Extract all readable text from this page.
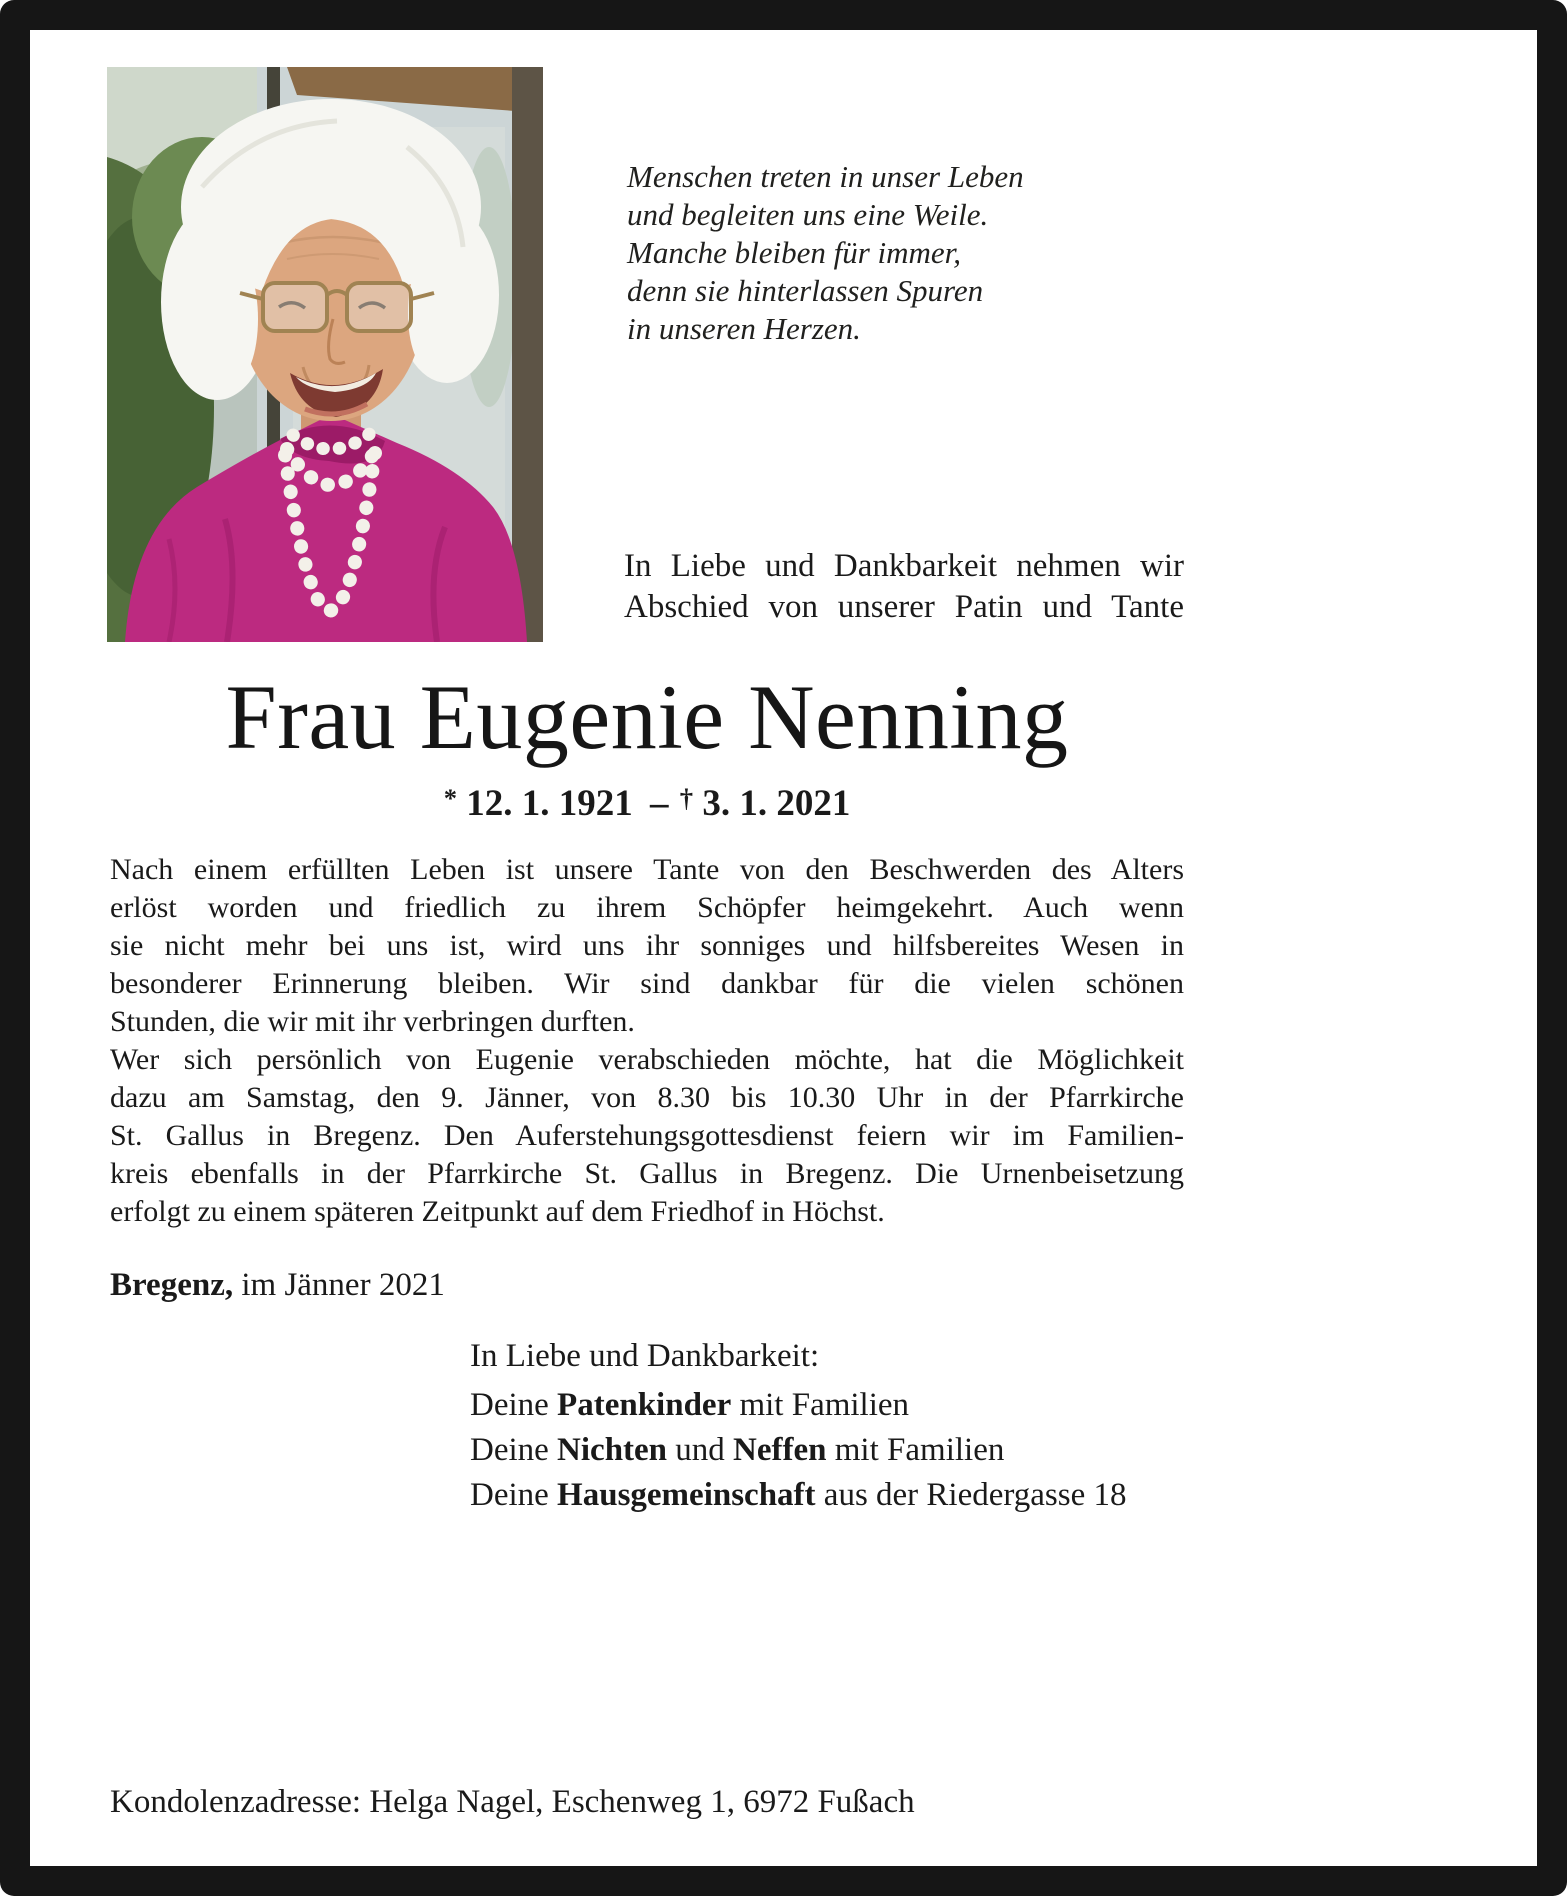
Menschen treten in unser Leben
und begleiten uns eine Weile.
Manche bleiben für immer,
denn sie hinterlassen Spuren
in unseren Herzen.
In Liebe und Dankbarkeit nehmen wir
Abschied von unserer Patin und Tante
Frau Eugenie Nenning
* 12. 1. 1921 – † 3. 1. 2021
Nach einem erfüllten Leben ist unsere Tante von den Beschwerden des Alters
erlöst worden und friedlich zu ihrem Schöpfer heimgekehrt. Auch wenn
sie nicht mehr bei uns ist, wird uns ihr sonniges und hilfsbereites Wesen in
besonderer Erinnerung bleiben. Wir sind dankbar für die vielen schönen
Stunden, die wir mit ihr verbringen durften.
Wer sich persönlich von Eugenie verabschieden möchte, hat die Möglichkeit
dazu am Samstag, den 9. Jänner, von 8.30 bis 10.30 Uhr in der Pfarrkirche
St. Gallus in Bregenz. Den Auferstehungsgottesdienst feiern wir im Familien-
kreis ebenfalls in der Pfarrkirche St. Gallus in Bregenz. Die Urnenbeisetzung
erfolgt zu einem späteren Zeitpunkt auf dem Friedhof in Höchst.

Bregenz, im Jänner 2021

In Liebe und Dankbarkeit:

Deine Patenkinder mit Familien

Deine Nichten und Neffen mit Familien

Deine Hausgemeinschaft aus der Riedergasse 18

Kondolenzadresse: Helga Nagel, Eschenweg 1, 6972 Fußach
